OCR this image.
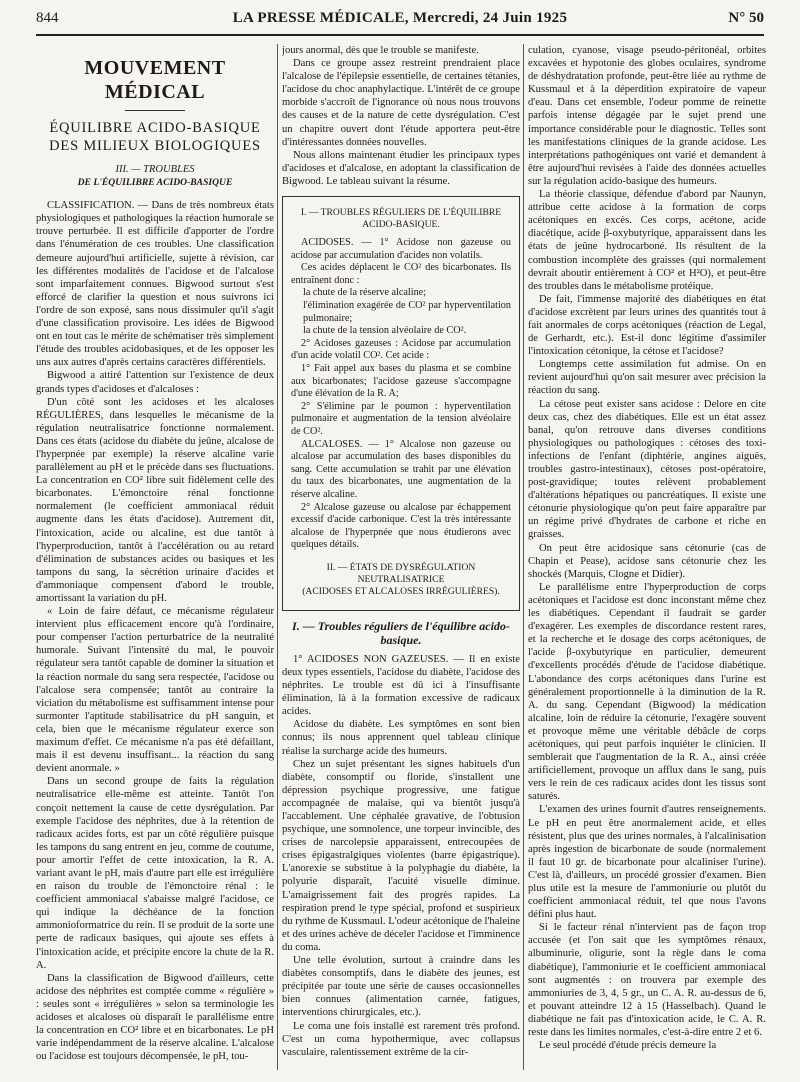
844	LA PRESSE MÉDICALE, Mercredi, 24 Juin 1925	N° 50
MOUVEMENT MÉDICAL
ÉQUILIBRE ACIDO-BASIQUE DES MILIEUX BIOLOGIQUES
III. — TROUBLES
DE L'ÉQUILIBRE ACIDO-BASIQUE

CLASSIFICATION. — Dans de très nombreux états physiologiques et pathologiques la réaction humorale se trouve perturbée. Il est difficile d'apporter de l'ordre dans l'énumération de ces troubles. Une classification demeure aujourd'hui artificielle, sujette à révision, car les différentes modalités de l'acidose et de l'alcalose sont imparfaitement connues. Bigwood surtout s'est efforcé de clarifier la question et nous suivrons ici l'ordre de son exposé, sans nous dissimuler qu'il s'agit d'une classification provisoire. Les idées de Bigwood ont en tout cas le mérite de schématiser très simplement l'étude des troubles acidobasiques, et de les opposer les uns aux autres d'après certains caractères différentiels.

Bigwood a attiré l'attention sur l'existence de deux grands types d'acidoses et d'alcaloses :

D'un côté sont les acidoses et les alcaloses RÉGULIÈRES, dans lesquelles le mécanisme de la régulation neutralisatrice fonctionne normalement. Dans ces états (acidose du diabète du jeûne, alcalose de l'hyperpnée par exemple) la réserve alcaline varie parallèlement au pH et le précède dans ses fluctuations. La concentration en CO² libre suit fidèlement celle des bicarbonates. L'émonctoire rénal fonctionne normalement (le coefficient ammoniacal réduit augmente dans les états d'acidose). Autrement dit, l'intoxication, acide ou alcaline, est due tantôt à l'hyperproduction, tantôt à l'accélération ou au retard d'élimination de substances acides ou basiques et les tampons du sang, la sécrétion urinaire d'acides et d'ammoniaque compensent d'abord le trouble, amortissant la variation du pH.

« Loin de faire défaut, ce mécanisme régulateur intervient plus efficacement encore qu'à l'ordinaire, pour compenser l'action perturbatrice de la neutralité humorale. Suivant l'intensité du mal, le pouvoir régulateur sera tantôt capable de dominer la situation et la réaction normale du sang sera respectée, l'acidose ou l'alcalose sera compensée; tantôt au contraire la viciation du métabolisme est suffisamment intense pour surmonter l'aptitude stabilisatrice du pH sanguin, et cela, bien que le mécanisme régulateur exerce son maximum d'effet. Ce mécanisme n'a pas été défaillant, mais il est devenu insuffisant... la réaction du sang devient anormale. »

Dans un second groupe de faits la régulation neutralisatrice elle-même est atteinte. Tantôt l'on conçoit nettement la cause de cette dysrégulation. Par exemple l'acidose des néphrites, due à la rétention de radicaux acides forts, est par un côté régulière puisque les tampons du sang entrent en jeu, comme de coutume, pour amortir l'effet de cette intoxication, la R. A. variant avant le pH, mais d'autre part elle est irrégulière en raison du trouble de l'émonctoire rénal : le coefficient ammoniacal s'abaisse malgré l'acidose, ce qui indique la déchéance de la fonction ammonioformatrice du rein. Il se produit de la sorte une perte de radicaux basiques, qui ajoute ses effets à l'intoxication acide, et précipite encore la chute de la R. A.

Dans la classification de Bigwood d'ailleurs, cette acidose des néphrites est comptée comme « régulière » : seules sont « irrégulières » selon sa terminologie les acidoses et alcaloses où disparaît le parallélisme entre la concentration en CO² libre et en bicarbonates. Le pH varie indépendamment de la réserve alcaline. L'alcalose ou l'acidose est toujours décompensée, le pH, tou-

jours anormal, dès que le trouble se manifeste.

Dans ce groupe assez restreint prendraient place l'alcalose de l'épilepsie essentielle, de certaines tétanies, l'acidose du choc anaphylactique. L'intérêt de ce groupe morbide s'accroît de l'ignorance où nous nous trouvons des causes et de la nature de cette dysrégulation. C'est un chapitre ouvert dont l'étude apportera peut-être d'intéressantes données nouvelles.

Nous allons maintenant étudier les principaux types d'acidoses et d'alcalose, en adoptant la classification de Bigwood. Le tableau suivant la résume.

I. — TROUBLES RÉGULIERS DE L'ÉQUILIBRE ACIDO-BASIQUE.

ACIDOSES. — 1° Acidose non gazeuse ou acidose par accumulation d'acides non volatils.

Ces acides déplacent le CO² des bicarbonates. Ils entraînent donc :

la chute de la réserve alcaline;

l'élimination exagérée de CO² par hyperventilation pulmonaire;

la chute de la tension alvéolaire de CO².

2° Acidoses gazeuses : Acidose par accumulation d'un acide volatil CO². Cet acide :

1° Fait appel aux bases du plasma et se combine aux bicarbonates; l'acidose gazeuse s'accompagne d'une élévation de la R. A;

2° S'élimine par le poumon : hyperventilation pulmonaire et augmentation de la tension alvéolaire de CO².

ALCALOSES. — 1° Alcalose non gazeuse ou alcalose par accumulation des bases disponibles du sang. Cette accumulation se trahit par une élévation du taux des bicarbonates, une augmentation de la réserve alcaline.

2° Alcalose gazeuse ou alcalose par échappement excessif d'acide carbonique. C'est la très intéressante alcalose de l'hyperpnée que nous étudierons avec quelques détails.

II. — ÉTATS DE DYSRÉGULATION NEUTRALISATRICE
(ACIDOSES ET ALCALOSES IRRÉGULIÈRES).
I. — Troubles réguliers de l'équilibre acido-basique.

1° ACIDOSES NON GAZEUSES. — Il en existe deux types essentiels, l'acidose du diabète, l'acidose des néphrites. Le trouble est dû ici à l'insuffisante élimination, là à la formation excessive de radicaux acides.

Acidose du diabète. Les symptômes en sont bien connus; ils nous apprennent quel tableau clinique réalise la surcharge acide des humeurs.

Chez un sujet présentant les signes habituels d'un diabète, consomptif ou floride, s'installent une dépression psychique progressive, une fatigue accompagnée de malaise, qui va bientôt jusqu'à l'accablement. Une céphalée gravative, de l'obtusion psychique, une somnolence, une torpeur invincible, des crises de narcolepsie apparaissent, entrecoupées de crises épigastralgiques violentes (barre épigastrique). L'anorexie se substitue à la polyphagie du diabète, la polyurie disparaît, l'acuité visuelle diminue. L'amaigrissement fait des progrès rapides. La respiration prend le type spécial, profond et suspirieux du rythme de Kussmaul. L'odeur acétonique de l'haleine et des urines achève de déceler l'acidose et l'imminence du coma.

Une telle évolution, surtout à craindre dans les diabètes consomptifs, dans le diabète des jeunes, est précipitée par toute une série de causes occasionnelles bien connues (alimentation carnée, fatigues, interventions chirurgicales, etc.).

Le coma une fois installé est rarement très profond. C'est un coma hypothermique, avec collapsus vasculaire, ralentissement extrême de la cir-

culation, cyanose, visage pseudo-péritonéal, orbites excavées et hypotonie des globes oculaires, syndrome de déshydratation profonde, peut-être liée au rythme de Kussmaul et à la déperdition expiratoire de vapeur d'eau. Dans cet ensemble, l'odeur pomme de reinette parfois intense dégagée par le sujet prend une importance considérable pour le diagnostic. Telles sont les manifestations cliniques de la grande acidose. Les interprétations pathogéniques ont varié et demandent à être aujourd'hui revisées à l'aide des données actuelles sur la régulation acido-basique des humeurs.

La théorie classique, défendue d'abord par Naunyn, attribue cette acidose à la formation de corps acétoniques en excès. Ces corps, acétone, acide diacétique, acide β-oxybutyrique, apparaissent dans les états de jeûne hydrocarboné. Ils résultent de la combustion incomplète des graisses (qui normalement devrait aboutir entièrement à CO² et H²O), et peut-être des troubles dans le métabolisme protéique.

De fait, l'immense majorité des diabétiques en état d'acidose excrètent par leurs urines des quantités tout à fait anormales de corps acétoniques (réaction de Legal, de Gerhardt, etc.). Est-il donc légitime d'assimiler l'intoxication cétonique, la cétose et l'acidose?

Longtemps cette assimilation fut admise. On en revient aujourd'hui qu'on sait mesurer avec précision la réaction du sang.

La cétose peut exister sans acidose : Delore en cite deux cas, chez des diabétiques. Elle est un état assez banal, qu'on retrouve dans diverses conditions physiologiques ou pathologiques : cétoses des toxi-infections de l'enfant (diphtérie, angines aiguës, troubles gastro-intestinaux), cétoses post-opératoire, post-gravidique; toutes relèvent probablement d'altérations hépatiques ou pancréatiques. Il existe une cétonurie physiologique qu'on peut faire apparaître par un régime privé d'hydrates de carbone et riche en graisses.

On peut être acidosique sans cétonurie (cas de Chapin et Pease), acidose sans cétonurie chez les shockés (Marquis, Clogne et Didier).

Le parallélisme entre l'hyperproduction de corps acétoniques et l'acidose est donc inconstant même chez les diabétiques. Cependant il faudrait se garder d'exagérer. Les exemples de discordance restent rares, et la recherche et le dosage des corps acétoniques, de l'acide β-oxybutyrique en particulier, demeurent d'excellents procédés d'étude de l'acidose diabétique. L'abondance des corps acétoniques dans l'urine est généralement proportionnelle à la diminution de la R. A. du sang. Cependant (Bigwood) la médication alcaline, loin de réduire la cétonurie, l'exagère souvent et provoque même une véritable débâcle de corps acétoniques, qui peut parfois inquiéter le clinicien. Il semblerait que l'augmentation de la R. A., ainsi créée artificiellement, provoque un afflux dans le sang, puis vers le rein de ces radicaux acides dont les tissus sont saturés.

L'examen des urines fournit d'autres renseignements. Le pH en peut être anormalement acide, et elles résistent, plus que des urines normales, à l'alcalinisation après ingestion de bicarbonate de soude (normalement il faut 10 gr. de bicarbonate pour alcaliniser l'urine). C'est là, d'ailleurs, un procédé grossier d'examen. Bien plus utile est la mesure de l'ammoniurie ou plutôt du coefficient ammoniacal réduit, tel que nous l'avons défini plus haut.

Si le facteur rénal n'intervient pas de façon trop accusée (et l'on sait que les symptômes rénaux, albuminurie, oligurie, sont la règle dans le coma diabétique), l'ammoniurie et le coefficient ammoniacal sont augmentés : on trouvera par exemple des ammoniuries de 3, 4, 5 gr., un C. A. R. au-dessus de 6, et pouvant atteindre 12 à 15 (Hasselbach). Quand le diabétique ne fait pas d'intoxication acide, le C. A. R. reste dans les limites normales, c'est-à-dire entre 2 et 6.

Le seul procédé d'étude précis demeure la
